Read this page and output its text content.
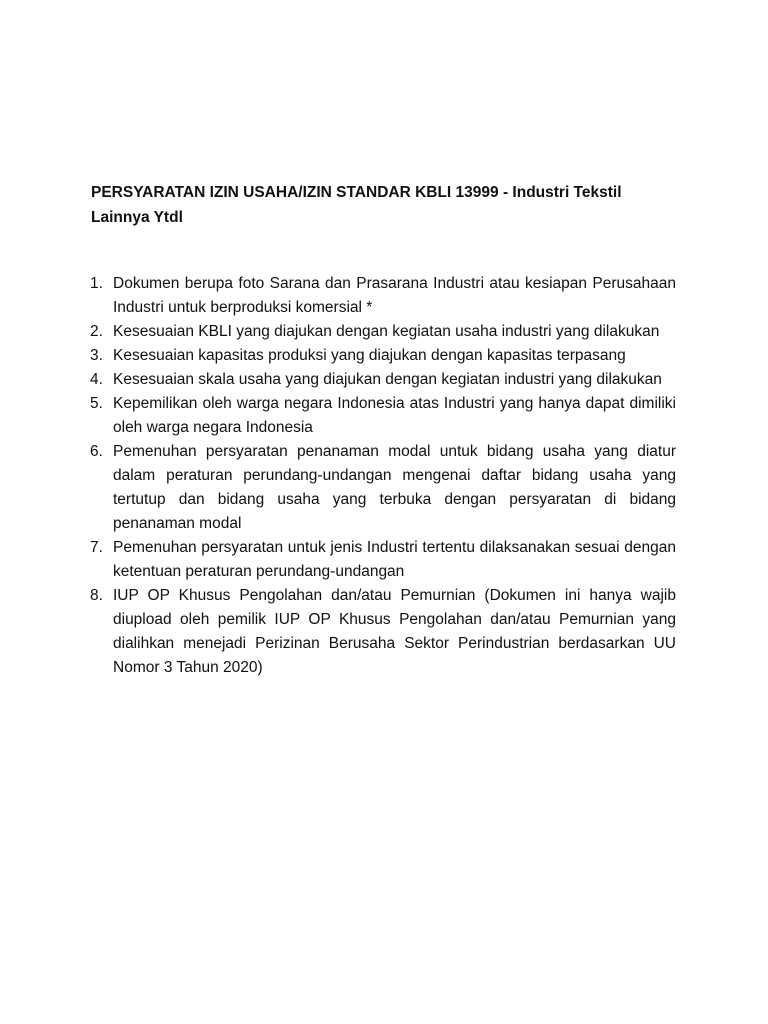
PERSYARATAN IZIN USAHA/IZIN STANDAR KBLI 13999 - Industri Tekstil Lainnya Ytdl
1. Dokumen berupa foto Sarana dan Prasarana Industri atau kesiapan Perusahaan Industri untuk berproduksi komersial *
2. Kesesuaian KBLI yang diajukan dengan kegiatan usaha industri yang dilakukan
3. Kesesuaian kapasitas produksi yang diajukan dengan kapasitas terpasang
4. Kesesuaian skala usaha yang diajukan dengan kegiatan industri yang dilakukan
5. Kepemilikan oleh warga negara Indonesia atas Industri yang hanya dapat dimiliki oleh warga negara Indonesia
6. Pemenuhan persyaratan penanaman modal untuk bidang usaha yang diatur dalam peraturan perundang-undangan mengenai daftar bidang usaha yang tertutup dan bidang usaha yang terbuka dengan persyaratan di bidang penanaman modal
7. Pemenuhan persyaratan untuk jenis Industri tertentu dilaksanakan sesuai dengan ketentuan peraturan perundang-undangan
8. IUP OP Khusus Pengolahan dan/atau Pemurnian (Dokumen ini hanya wajib diupload oleh pemilik IUP OP Khusus Pengolahan dan/atau Pemurnian yang dialihkan menejadi Perizinan Berusaha Sektor Perindustrian berdasarkan UU Nomor 3 Tahun 2020)
